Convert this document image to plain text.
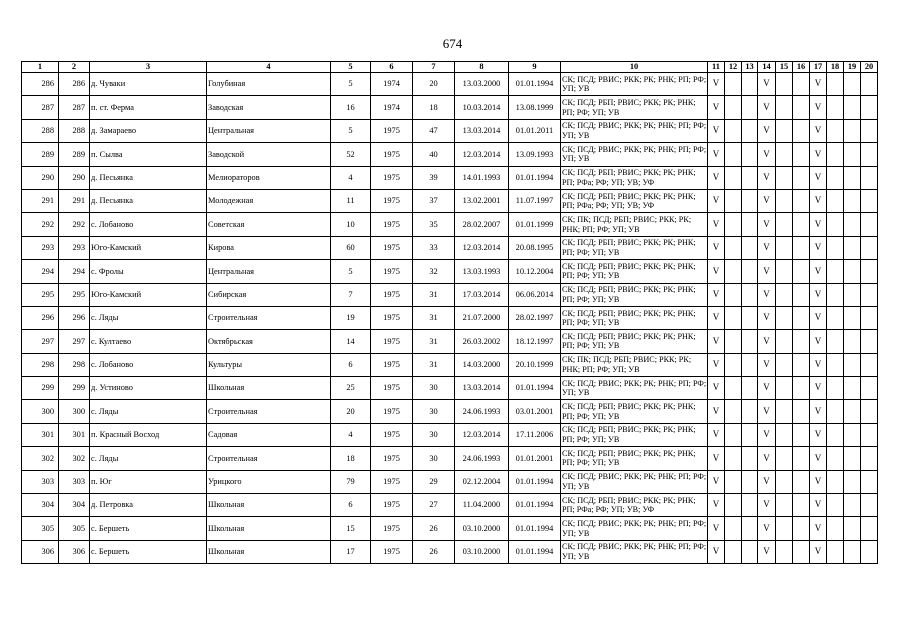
674
1	2	3	4	5	6	7	8	9	10	11	12	13	14	15	16	17	18	19	20
286	286	д. Чуваки	Голубиная	5	1974	20	13.03.2000	01.01.1994	СК; ПСД; РВИС; РКК; РК; РНК; РП; РФ; УП; УВ	V			V			V			
287	287	п. ст. Ферма	Заводская	16	1974	18	10.03.2014	13.08.1999	СК; ПСД; РБП; РВИС; РКК; РК; РНК; РП; РФ; УП; УВ	V			V			V			
288	288	д. Замараево	Центральная	5	1975	47	13.03.2014	01.01.2011	СК; ПСД; РВИС; РКК; РК; РНК; РП; РФ; УП; УВ	V			V			V			
289	289	п. Сылва	Заводской	52	1975	40	12.03.2014	13.09.1993	СК; ПСД; РВИС; РКК; РК; РНК; РП; РФ; УП; УВ	V			V			V			
290	290	д. Песьянка	Мелиораторов	4	1975	39	14.01.1993	01.01.1994	СК; ПСД; РБП; РВИС; РКК; РК; РНК; РП; РФа; РФ; УП; УВ; УФ	V			V			V			
291	291	д. Песьянка	Молодежная	11	1975	37	13.02.2001	11.07.1997	СК; ПСД; РБП; РВИС; РКК; РК; РНК; РП; РФа; РФ; УП; УВ; УФ	V			V			V			
292	292	с. Лобаново	Советская	10	1975	35	28.02.2007	01.01.1999	СК; ПК; ПСД; РБП; РВИС; РКК; РК; РНК; РП; РФ; УП; УВ	V			V			V			
293	293	Юго-Камский	Кирова	60	1975	33	12.03.2014	20.08.1995	СК; ПСД; РБП; РВИС; РКК; РК; РНК; РП; РФ; УП; УВ	V			V			V			
294	294	с. Фролы	Центральная	5	1975	32	13.03.1993	10.12.2004	СК; ПСД; РБП; РВИС; РКК; РК; РНК; РП; РФ; УП; УВ	V			V			V			
295	295	Юго-Камский	Сибирская	7	1975	31	17.03.2014	06.06.2014	СК; ПСД; РБП; РВИС; РКК; РК; РНК; РП; РФ; УП; УВ	V			V			V			
296	296	с. Ляды	Строительная	19	1975	31	21.07.2000	28.02.1997	СК; ПСД; РБП; РВИС; РКК; РК; РНК; РП; РФ; УП; УВ	V			V			V			
297	297	с. Култаево	Октябрьская	14	1975	31	26.03.2002	18.12.1997	СК; ПСД; РБП; РВИС; РКК; РК; РНК; РП; РФ; УП; УВ	V			V			V			
298	298	с. Лобаново	Культуры	6	1975	31	14.03.2000	20.10.1999	СК; ПК; ПСД; РБП; РВИС; РКК; РК; РНК; РП; РФ; УП; УВ	V			V			V			
299	299	д. Устиново	Школьная	25	1975	30	13.03.2014	01.01.1994	СК; ПСД; РВИС; РКК; РК; РНК; РП; РФ; УП; УВ	V			V			V			
300	300	с. Ляды	Строительная	20	1975	30	24.06.1993	03.01.2001	СК; ПСД; РБП; РВИС; РКК; РК; РНК; РП; РФ; УП; УВ	V			V			V			
301	301	п. Красный Восход	Садовая	4	1975	30	12.03.2014	17.11.2006	СК; ПСД; РБП; РВИС; РКК; РК; РНК; РП; РФ; УП; УВ	V			V			V			
302	302	с. Ляды	Строительная	18	1975	30	24.06.1993	01.01.2001	СК; ПСД; РБП; РВИС; РКК; РК; РНК; РП; РФ; УП; УВ	V			V			V			
303	303	п. Юг	Урицкого	79	1975	29	02.12.2004	01.01.1994	СК; ПСД; РВИС; РКК; РК; РНК; РП; РФ; УП; УВ	V			V			V			
304	304	д. Петровка	Школьная	6	1975	27	11.04.2000	01.01.1994	СК; ПСД; РБП; РВИС; РКК; РК; РНК; РП; РФа; РФ; УП; УВ; УФ	V			V			V			
305	305	с. Бершеть	Школьная	15	1975	26	03.10.2000	01.01.1994	СК; ПСД; РВИС; РКК; РК; РНК; РП; РФ; УП; УВ	V			V			V			
306	306	с. Бершеть	Школьная	17	1975	26	03.10.2000	01.01.1994	СК; ПСД; РВИС; РКК; РК; РНК; РП; РФ; УП; УВ	V			V			V			
